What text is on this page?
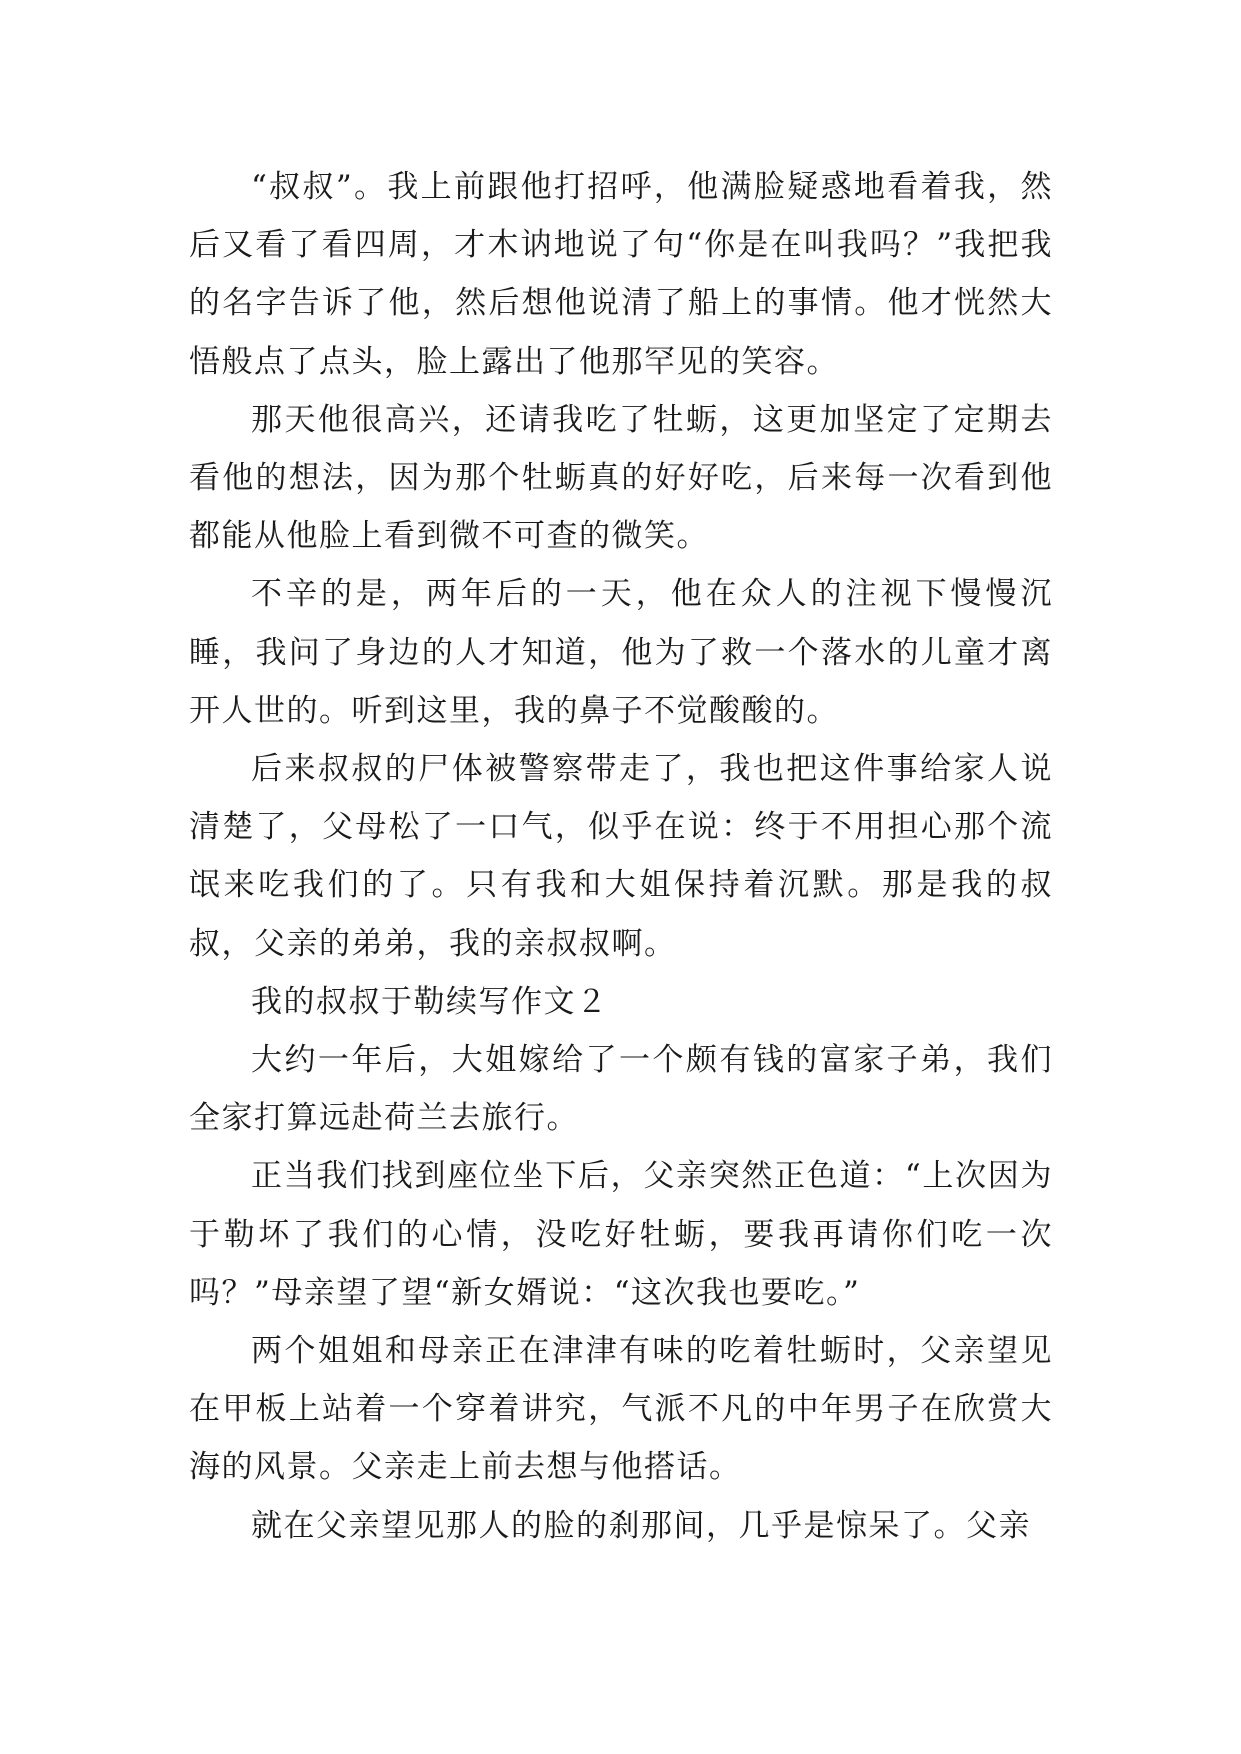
“叔叔”。我上前跟他打招呼，他满脸疑惑地看着我，然后又看了看四周，才木讷地说了句“你是在叫我吗？”我把我的名字告诉了他，然后想他说清了船上的事情。他才恍然大悟般点了点头，脸上露出了他那罕见的笑容。

那天他很高兴，还请我吃了牡蛎，这更加坚定了定期去看他的想法，因为那个牡蛎真的好好吃，后来每一次看到他都能从他脸上看到微不可查的微笑。

不辛的是，两年后的一天，他在众人的注视下慢慢沉睡，我问了身边的人才知道，他为了救一个落水的儿童才离开人世的。听到这里，我的鼻子不觉酸酸的。

后来叔叔的尸体被警察带走了，我也把这件事给家人说清楚了，父母松了一口气，似乎在说：终于不用担心那个流氓来吃我们的了。只有我和大姐保持着沉默。那是我的叔叔，父亲的弟弟，我的亲叔叔啊。

我的叔叔于勒续写作文２

大约一年后，大姐嫁给了一个颇有钱的富家子弟，我们全家打算远赴荷兰去旅行。

正当我们找到座位坐下后，父亲突然正色道：“上次因为于勒坏了我们的心情，没吃好牡蛎，要我再请你们吃一次吗？”母亲望了望“新女婿说：“这次我也要吃。”

两个姐姐和母亲正在津津有味的吃着牡蛎时，父亲望见在甲板上站着一个穿着讲究，气派不凡的中年男子在欣赏大海的风景。父亲走上前去想与他搭话。

就在父亲望见那人的脸的刹那间，几乎是惊呆了。父亲
